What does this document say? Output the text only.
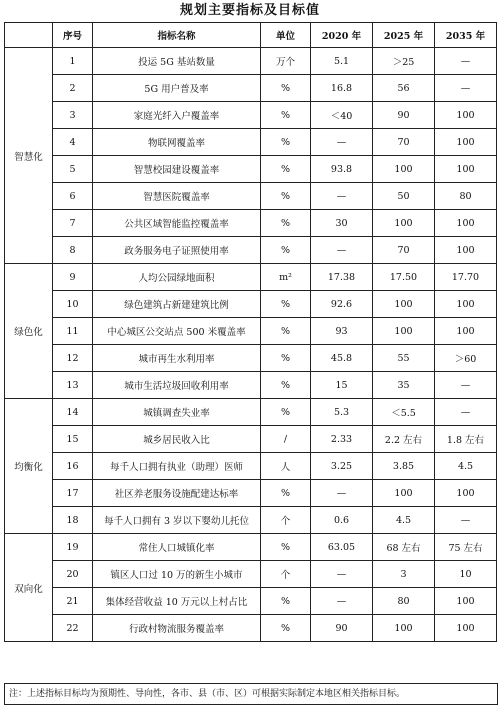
规划主要指标及目标值
	序号	指标名称	单位	2020 年	2025 年	2035 年
智慧化	1	投运 5G 基站数量	万个	5.1	＞25	—
	2	5G 用户普及率	%	16.8	56	—
	3	家庭光纤入户覆盖率	%	＜40	90	100
	4	物联网覆盖率	%	—	70	100
	5	智慧校园建设覆盖率	%	93.8	100	100
	6	智慧医院覆盖率	%	—	50	80
	7	公共区域智能监控覆盖率	%	30	100	100
	8	政务服务电子证照使用率	%	—	70	100
绿色化	9	人均公园绿地面积	m²	17.38	17.50	17.70
	10	绿色建筑占新建建筑比例	%	92.6	100	100
	11	中心城区公交站点 500 米覆盖率	%	93	100	100
	12	城市再生水利用率	%	45.8	55	＞60
	13	城市生活垃圾回收利用率	%	15	35	—
均衡化	14	城镇调查失业率	%	5.3	＜5.5	—
	15	城乡居民收入比	/	2.33	2.2 左右	1.8 左右
	16	每千人口拥有执业（助理）医师	人	3.25	3.85	4.5
	17	社区养老服务设施配建达标率	%	—	100	100
	18	每千人口拥有 3 岁以下婴幼儿托位	个	0.6	4.5	—
双向化	19	常住人口城镇化率	%	63.05	68 左右	75 左右
	20	镇区人口过 10 万的新生小城市	个	—	3	10
	21	集体经营收益 10 万元以上村占比	%	—	80	100
	22	行政村物流服务覆盖率	%	90	100	100
注：上述指标目标均为预期性、导向性，各市、县（市、区）可根据实际制定本地区相关指标目标。
